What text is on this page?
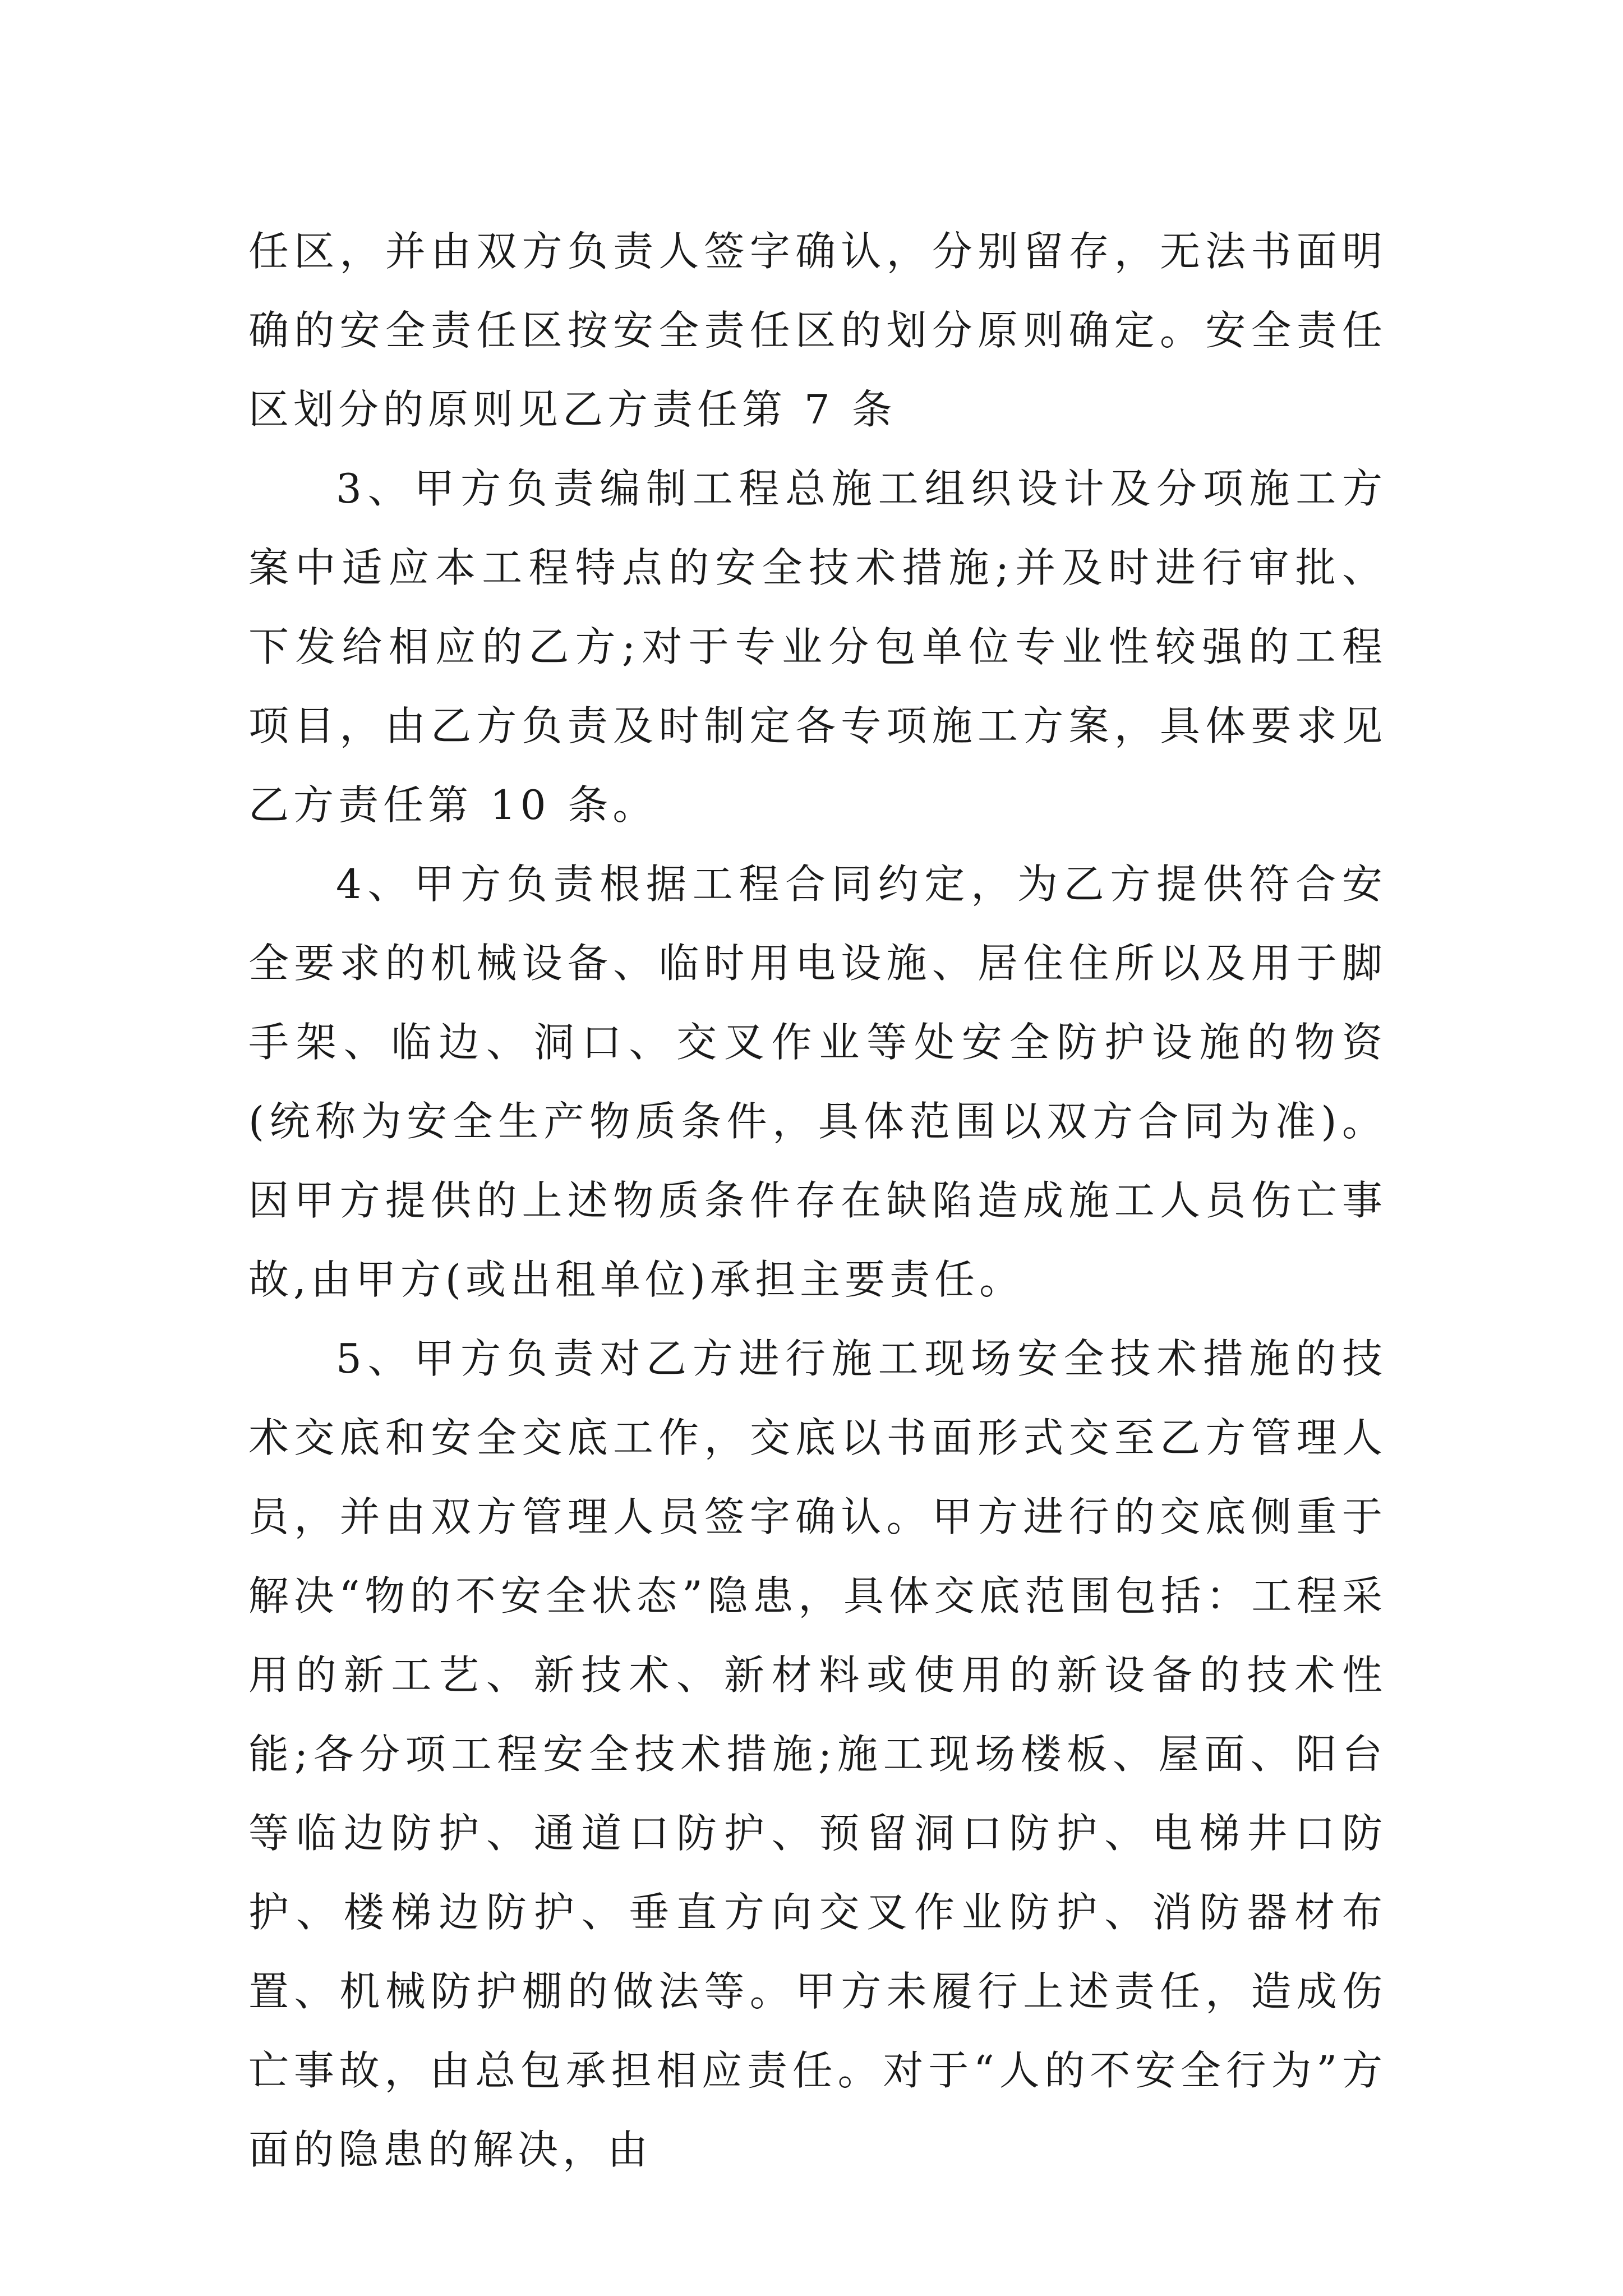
任区，并由双方负责人签字确认，分别留存，无法书面明确的安全责任区按安全责任区的划分原则确定。安全责任区划分的原则见乙方责任第 7 条

3、甲方负责编制工程总施工组织设计及分项施工方案中适应本工程特点的安全技术措施;并及时进行审批、下发给相应的乙方;对于专业分包单位专业性较强的工程项目，由乙方负责及时制定各专项施工方案，具体要求见乙方责任第 10 条。

4、甲方负责根据工程合同约定，为乙方提供符合安全要求的机械设备、临时用电设施、居住住所以及用于脚手架、临边、洞口、交叉作业等处安全防护设施的物资(统称为安全生产物质条件，具体范围以双方合同为准)。因甲方提供的上述物质条件存在缺陷造成施工人员伤亡事故,由甲方(或出租单位)承担主要责任。

5、甲方负责对乙方进行施工现场安全技术措施的技术交底和安全交底工作，交底以书面形式交至乙方管理人员，并由双方管理人员签字确认。甲方进行的交底侧重于解决“物的不安全状态”隐患，具体交底范围包括：工程采用的新工艺、新技术、新材料或使用的新设备的技术性能;各分项工程安全技术措施;施工现场楼板、屋面、阳台等临边防护、通道口防护、预留洞口防护、电梯井口防护、楼梯边防护、垂直方向交叉作业防护、消防器材布置、机械防护棚的做法等。甲方未履行上述责任，造成伤亡事故，由总包承担相应责任。对于“人的不安全行为”方面的隐患的解决，由
